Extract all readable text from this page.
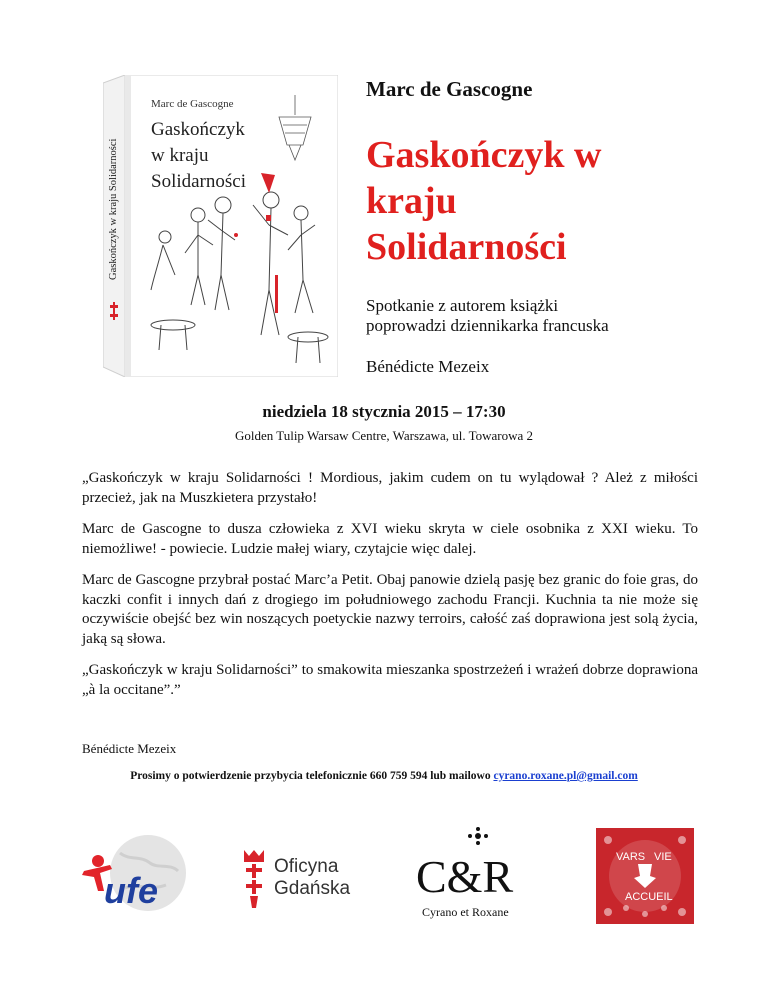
Gaskończyk w kraju Solidarności
Marc de Gascogne
Gaskończyk
w kraju
Solidarności
Marc de Gascogne
Gaskończyk w
kraju
Solidarności
Spotkanie z autorem książki
poprowadzi dziennikarka francuska
Bénédicte Mezeix
niedziela 18 stycznia 2015 – 17:30
Golden Tulip Warsaw Centre, Warszawa, ul. Towarowa 2

„Gaskończyk w kraju Solidarności ! Mordious, jakim cudem on tu wylądował ? Ależ z miłości przecież, jak na Muszkietera przystało!

Marc de Gascogne to dusza człowieka z XVI wieku skryta w ciele osobnika z XXI wieku. To niemożliwe! - powiecie. Ludzie małej wiary, czytajcie więc dalej.

Marc de Gascogne przybrał postać Marc’a Petit. Obaj panowie dzielą pasję bez granic do foie gras, do kaczki confit i innych dań z drogiego im południowego zachodu Francji. Kuchnia ta nie może się oczywiście obejść bez win noszących poetyckie nazwy terroirs, całość zaś doprawiona jest solą życia, jaką są słowa.

„Gaskończyk w kraju Solidarności” to smakowita mieszanka spostrzeżeń i wrażeń dobrze doprawiona „à la occitane”.”

Bénédicte Mezeix
Prosimy o potwierdzenie przybycia telefonicznie 660 759 594 lub mailowo cyrano.roxane.pl@gmail.com
ufe
Oficyna
Gdańska C&R
Cyrano et Roxane
VARS VIE
ACCUEIL
